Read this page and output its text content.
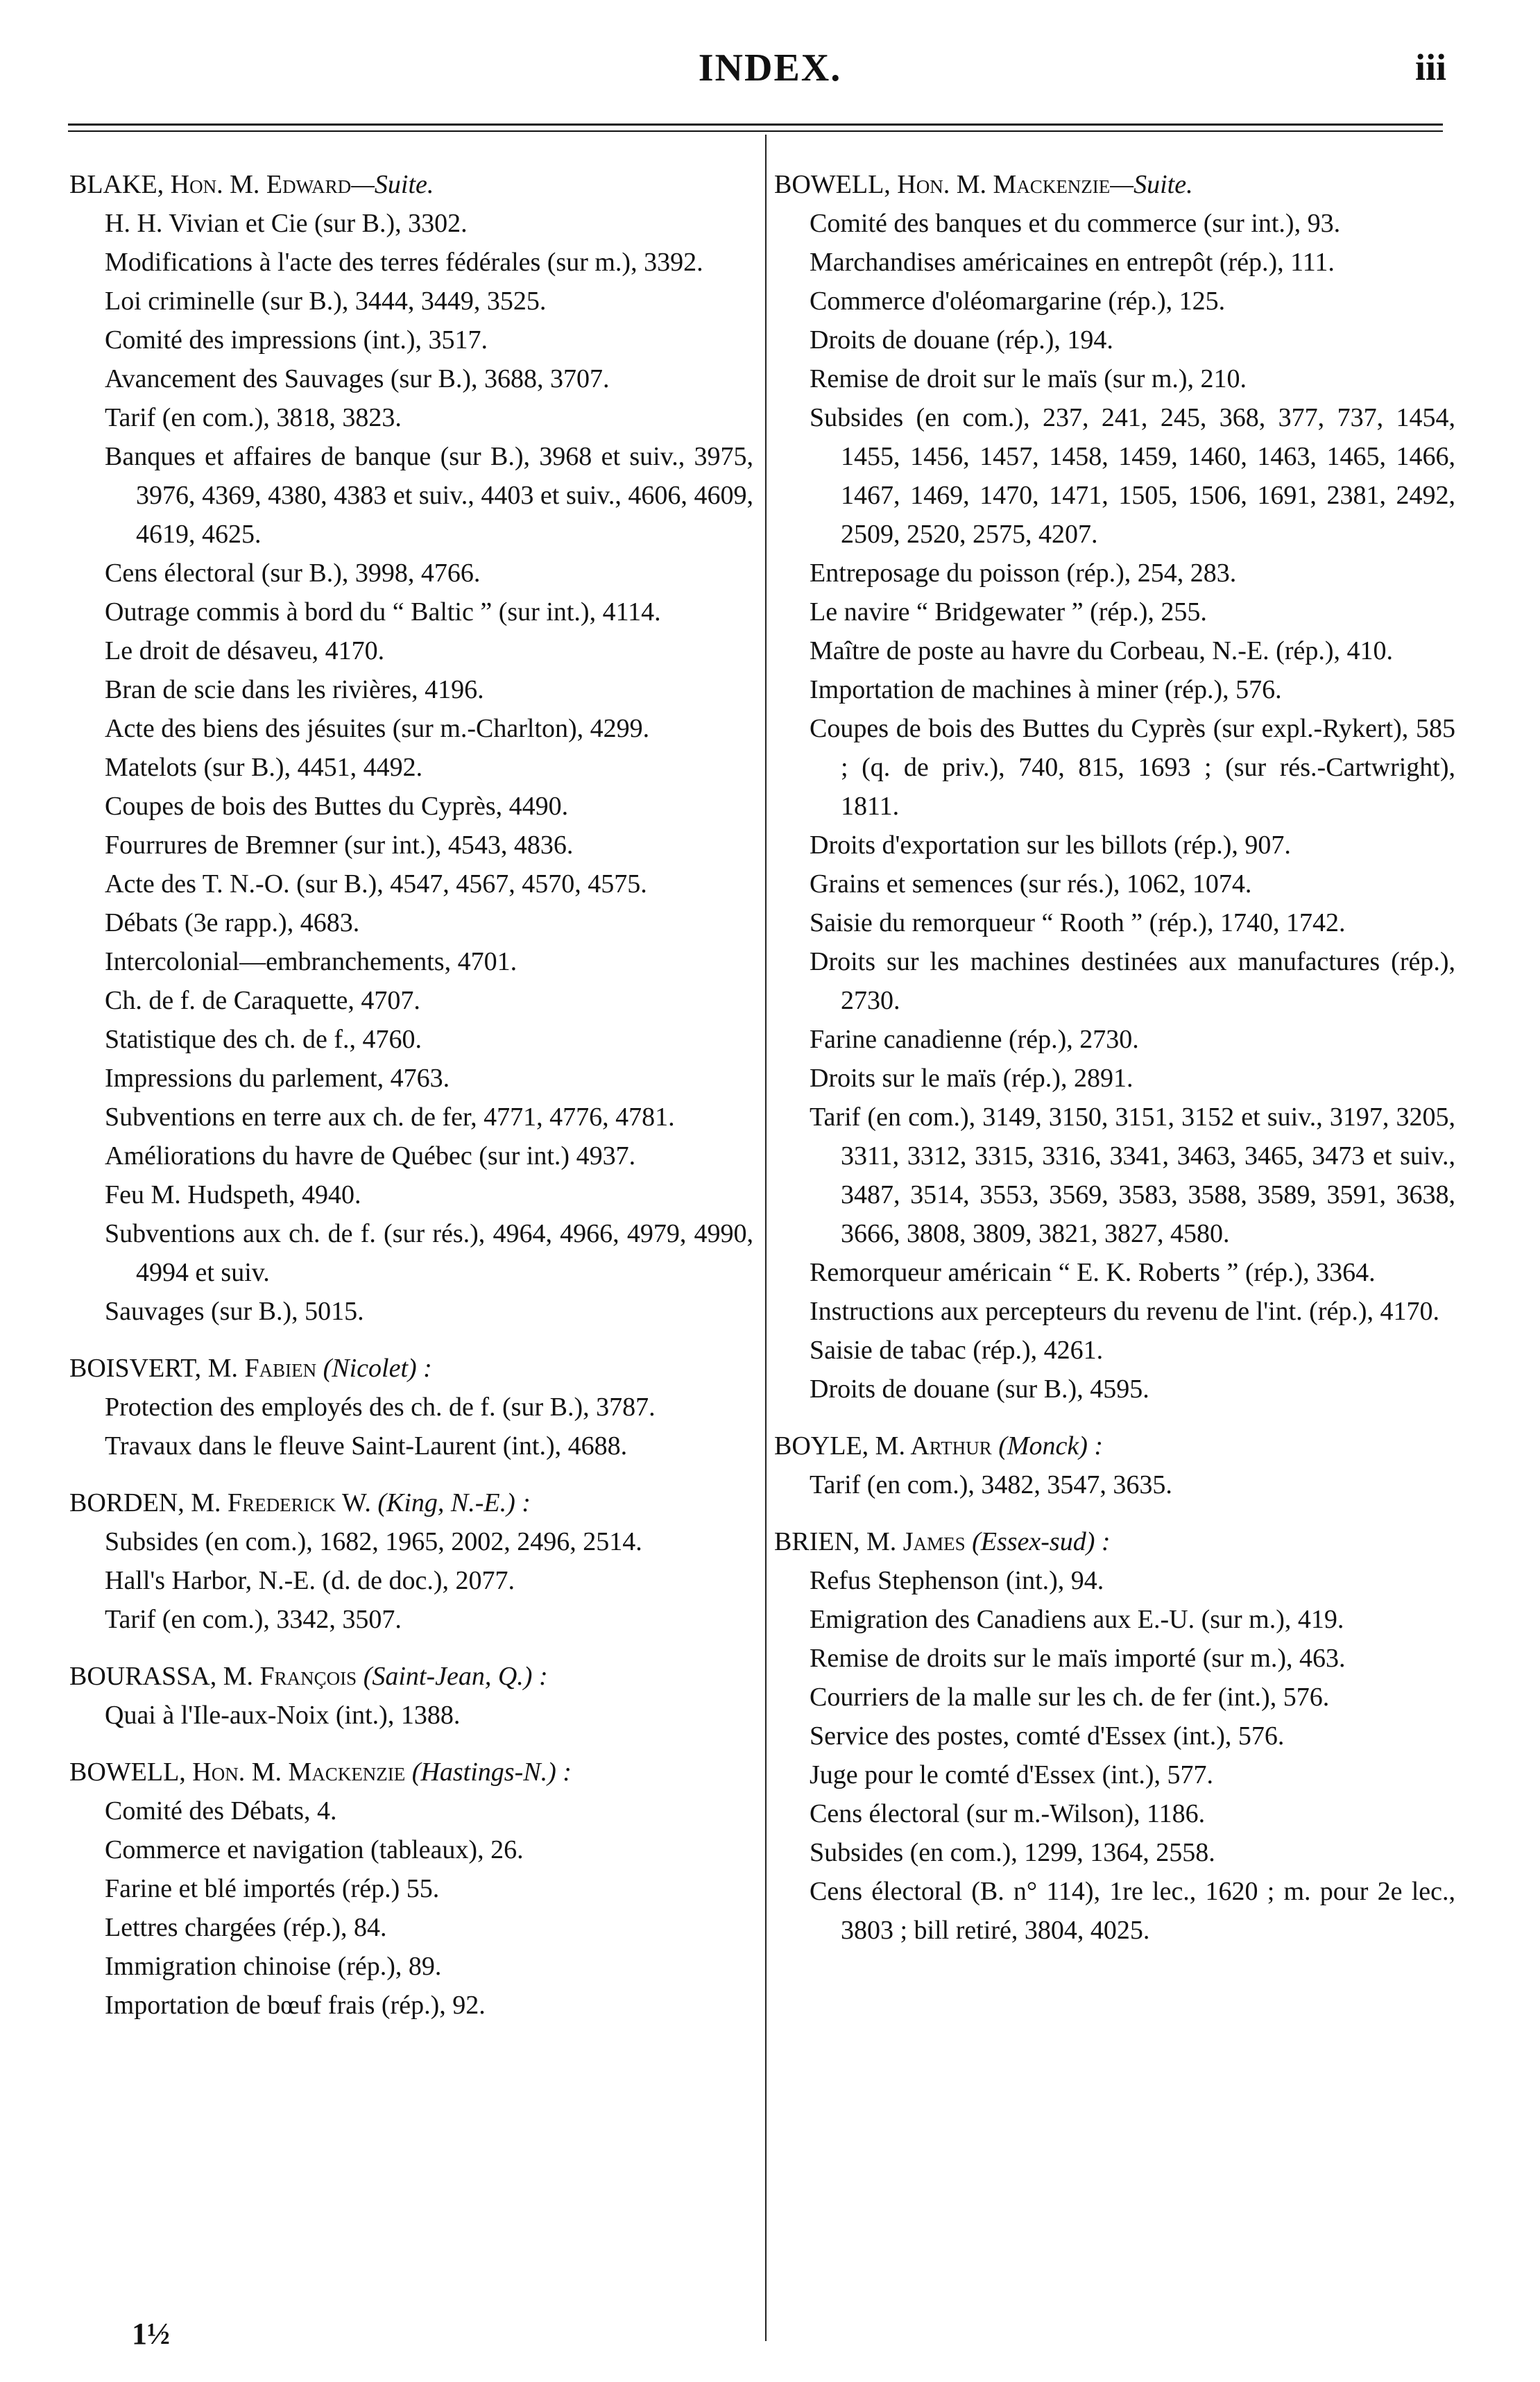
INDEX.	iii
BLAKE, Hon. M. Edward—Suite.
H. H. Vivian et Cie (sur B.), 3302.
Modifications à l'acte des terres fédérales (sur m.), 3392.
Loi criminelle (sur B.), 3444, 3449, 3525.
Comité des impressions (int.), 3517.
Avancement des Sauvages (sur B.), 3688, 3707.
Tarif (en com.), 3818, 3823.
Banques et affaires de banque (sur B.), 3968 et suiv., 3975, 3976, 4369, 4380, 4383 et suiv., 4403 et suiv., 4606, 4609, 4619, 4625.
Cens électoral (sur B.), 3998, 4766.
Outrage commis à bord du “ Baltic ” (sur int.), 4114.
Le droit de désaveu, 4170.
Bran de scie dans les rivières, 4196.
Acte des biens des jésuites (sur m.-Charlton), 4299.
Matelots (sur B.), 4451, 4492.
Coupes de bois des Buttes du Cyprès, 4490.
Fourrures de Bremner (sur int.), 4543, 4836.
Acte des T. N.-O. (sur B.), 4547, 4567, 4570, 4575.
Débats (3e rapp.), 4683.
Intercolonial—embranchements, 4701.
Ch. de f. de Caraquette, 4707.
Statistique des ch. de f., 4760.
Impressions du parlement, 4763.
Subventions en terre aux ch. de fer, 4771, 4776, 4781.
Améliorations du havre de Québec (sur int.) 4937.
Feu M. Hudspeth, 4940.
Subventions aux ch. de f. (sur rés.), 4964, 4966, 4979, 4990, 4994 et suiv.
Sauvages (sur B.), 5015.
BOISVERT, M. Fabien (Nicolet) :
Protection des employés des ch. de f. (sur B.), 3787.
Travaux dans le fleuve Saint-Laurent (int.), 4688.
BORDEN, M. Frederick W. (King, N.-E.) :
Subsides (en com.), 1682, 1965, 2002, 2496, 2514.
Hall's Harbor, N.-E. (d. de doc.), 2077.
Tarif (en com.), 3342, 3507.
BOURASSA, M. François (Saint-Jean, Q.) :
Quai à l'Ile-aux-Noix (int.), 1388.
BOWELL, Hon. M. Mackenzie (Hastings-N.) :
Comité des Débats, 4.
Commerce et navigation (tableaux), 26.
Farine et blé importés (rép.) 55.
Lettres chargées (rép.), 84.
Immigration chinoise (rép.), 89.
Importation de bœuf frais (rép.), 92.
BOWELL, Hon. M. Mackenzie—Suite.
Comité des banques et du commerce (sur int.), 93.
Marchandises américaines en entrepôt (rép.), 111.
Commerce d'oléomargarine (rép.), 125.
Droits de douane (rép.), 194.
Remise de droit sur le maïs (sur m.), 210.
Subsides (en com.), 237, 241, 245, 368, 377, 737, 1454, 1455, 1456, 1457, 1458, 1459, 1460, 1463, 1465, 1466, 1467, 1469, 1470, 1471, 1505, 1506, 1691, 2381, 2492, 2509, 2520, 2575, 4207.
Entreposage du poisson (rép.), 254, 283.
Le navire “ Bridgewater ” (rép.), 255.
Maître de poste au havre du Corbeau, N.-E. (rép.), 410.
Importation de machines à miner (rép.), 576.
Coupes de bois des Buttes du Cyprès (sur expl.-Rykert), 585 ; (q. de priv.), 740, 815, 1693 ; (sur rés.-Cartwright), 1811.
Droits d'exportation sur les billots (rép.), 907.
Grains et semences (sur rés.), 1062, 1074.
Saisie du remorqueur “ Rooth ” (rép.), 1740, 1742.
Droits sur les machines destinées aux manufactures (rép.), 2730.
Farine canadienne (rép.), 2730.
Droits sur le maïs (rép.), 2891.
Tarif (en com.), 3149, 3150, 3151, 3152 et suiv., 3197, 3205, 3311, 3312, 3315, 3316, 3341, 3463, 3465, 3473 et suiv., 3487, 3514, 3553, 3569, 3583, 3588, 3589, 3591, 3638, 3666, 3808, 3809, 3821, 3827, 4580.
Remorqueur américain “ E. K. Roberts ” (rép.), 3364.
Instructions aux percepteurs du revenu de l'int. (rép.), 4170.
Saisie de tabac (rép.), 4261.
Droits de douane (sur B.), 4595.
BOYLE, M. Arthur (Monck) :
Tarif (en com.), 3482, 3547, 3635.
BRIEN, M. James (Essex-sud) :
Refus Stephenson (int.), 94.
Emigration des Canadiens aux E.-U. (sur m.), 419.
Remise de droits sur le maïs importé (sur m.), 463.
Courriers de la malle sur les ch. de fer (int.), 576.
Service des postes, comté d'Essex (int.), 576.
Juge pour le comté d'Essex (int.), 577.
Cens électoral (sur m.-Wilson), 1186.
Subsides (en com.), 1299, 1364, 2558.
Cens électoral (B. n° 114), 1re lec., 1620 ; m. pour 2e lec., 3803 ; bill retiré, 3804, 4025.
1½
